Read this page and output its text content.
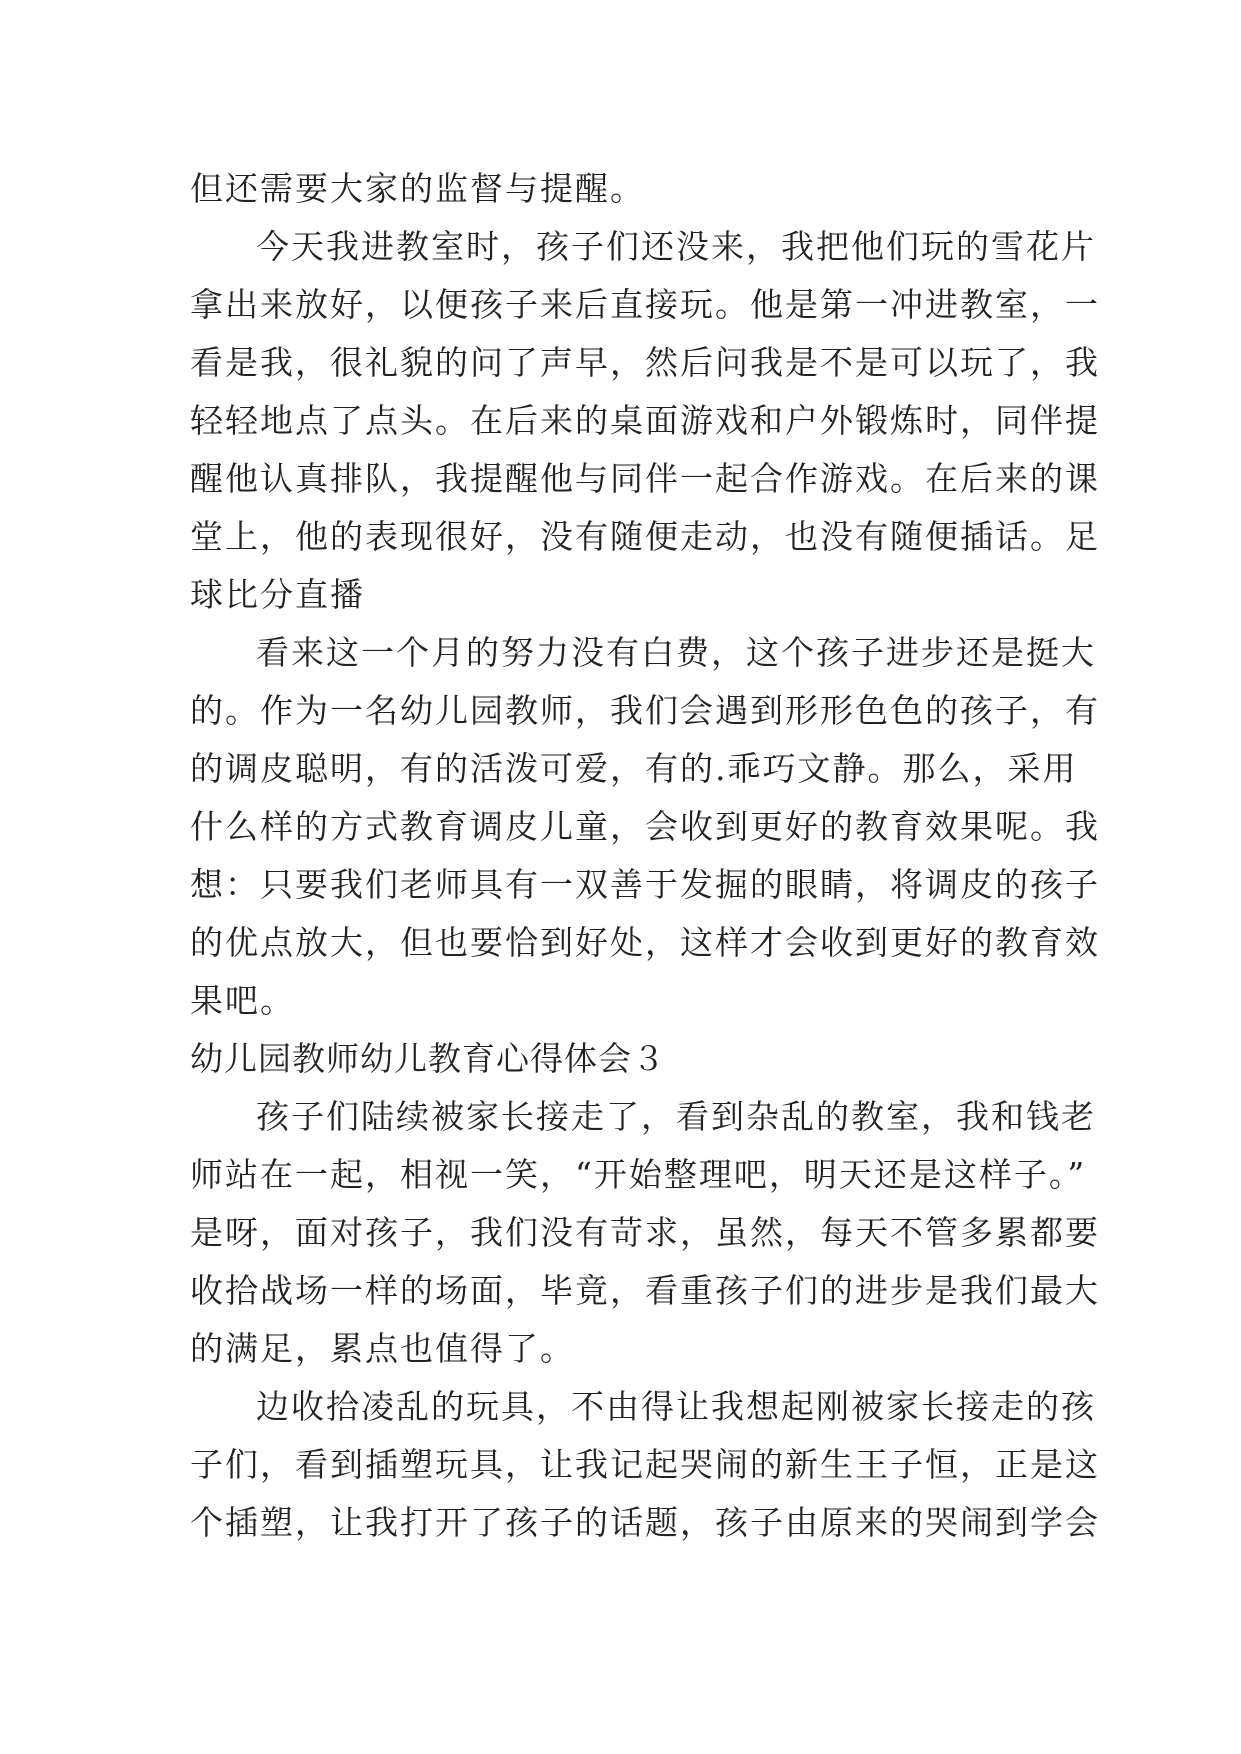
但还需要大家的监督与提醒。
今天我进教室时，孩子们还没来，我把他们玩的雪花片
拿出来放好，以便孩子来后直接玩。他是第一冲进教室，一
看是我，很礼貌的问了声早，然后问我是不是可以玩了，我
轻轻地点了点头。在后来的桌面游戏和户外锻炼时，同伴提
醒他认真排队，我提醒他与同伴一起合作游戏。在后来的课
堂上，他的表现很好，没有随便走动，也没有随便插话。足
球比分直播
看来这一个月的努力没有白费，这个孩子进步还是挺大
的。作为一名幼儿园教师，我们会遇到形形色色的孩子，有
的调皮聪明，有的活泼可爱，有的.乖巧文静。那么，采用
什么样的方式教育调皮儿童，会收到更好的教育效果呢。我
想：只要我们老师具有一双善于发掘的眼睛，将调皮的孩子
的优点放大，但也要恰到好处，这样才会收到更好的教育效
果吧。
幼儿园教师幼儿教育心得体会３
孩子们陆续被家长接走了，看到杂乱的教室，我和钱老
师站在一起，相视一笑，“开始整理吧，明天还是这样子。”
是呀，面对孩子，我们没有苛求，虽然，每天不管多累都要
收拾战场一样的场面，毕竟，看重孩子们的进步是我们最大
的满足，累点也值得了。
边收拾凌乱的玩具，不由得让我想起刚被家长接走的孩
子们，看到插塑玩具，让我记起哭闹的新生王子恒，正是这
个插塑，让我打开了孩子的话题，孩子由原来的哭闹到学会
